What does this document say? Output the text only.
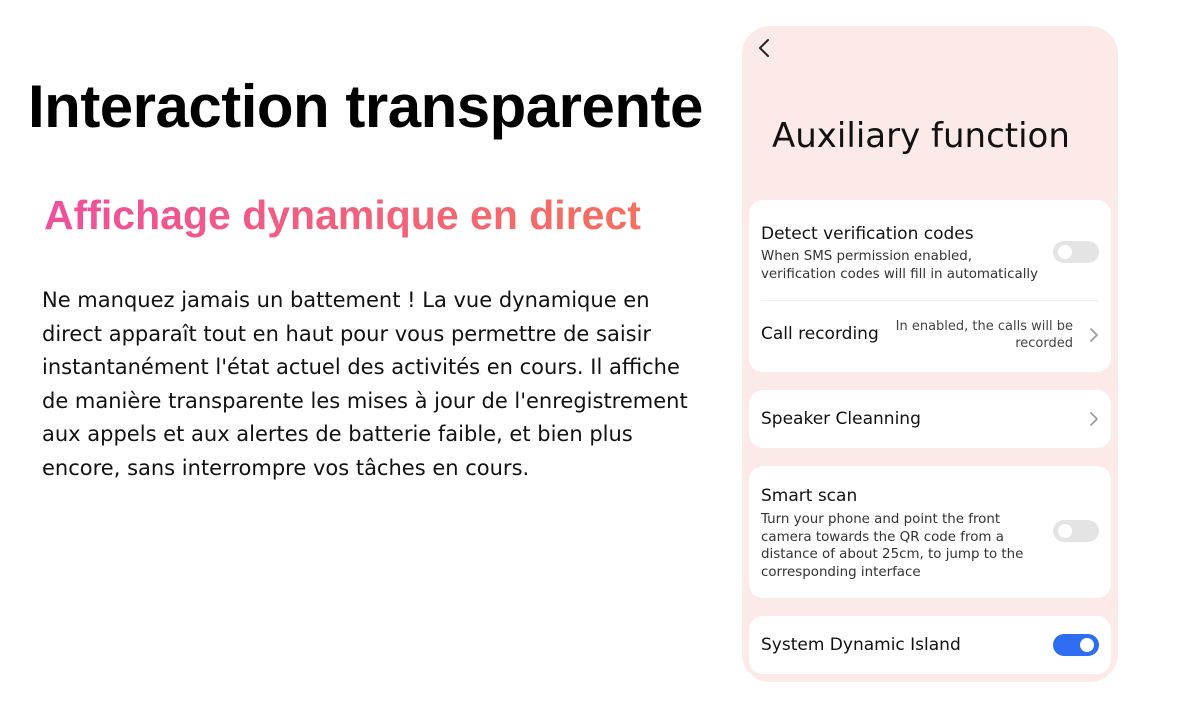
Interaction transparente
Affichage dynamique en direct
Ne manquez jamais un battement ! La vue dynamique en direct apparaît tout en haut pour vous permettre de saisir instantanément l'état actuel des activités en cours. Il affiche de manière transparente les mises à jour de l'enregistrement aux appels et aux alertes de batterie faible, et bien plus encore, sans interrompre vos tâches en cours.
Auxiliary function
Detect verification codes
When SMS permission enabled, verification codes will fill in automatically
Call recording	In enabled, the calls will be recorded
Speaker Cleanning
Smart scan
Turn your phone and point the front camera towards the QR code from a distance of about 25cm, to jump to the corresponding interface
System Dynamic Island
